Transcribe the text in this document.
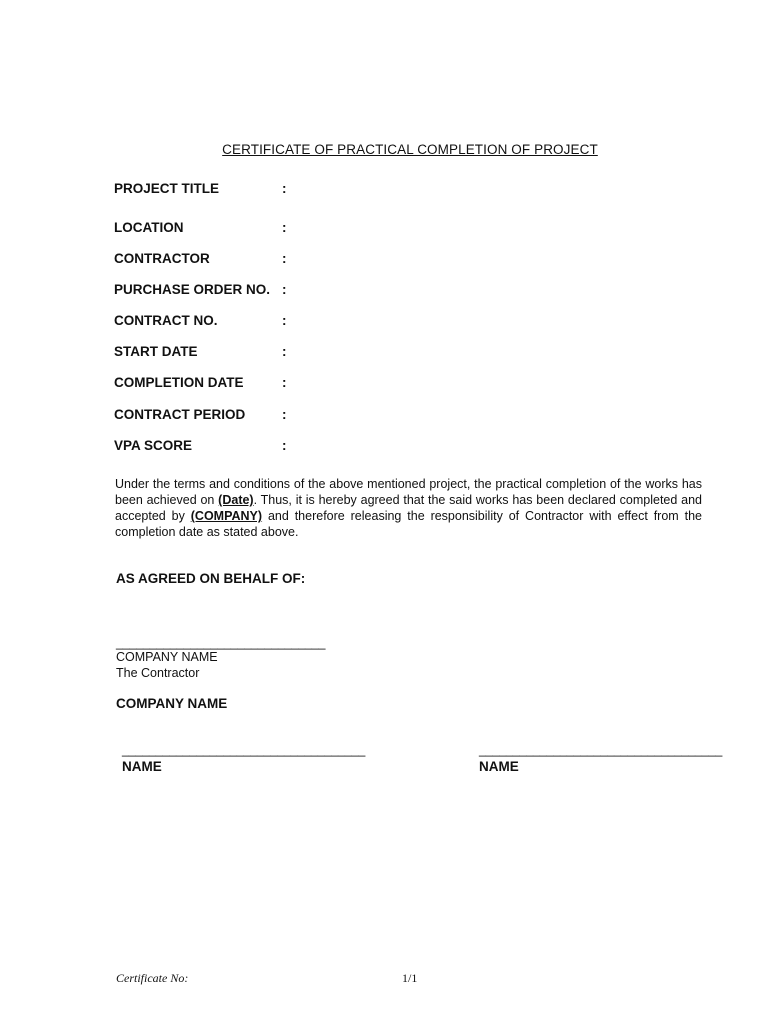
CERTIFICATE OF PRACTICAL COMPLETION OF PROJECT
PROJECT TITLE	:
LOCATION	:
CONTRACTOR	:
PURCHASE ORDER NO. :
CONTRACT NO.	:
START DATE	:
COMPLETION DATE	:
CONTRACT PERIOD	:
VPA SCORE	:
Under the terms and conditions of the above mentioned project, the practical completion of the works has been achieved on (Date). Thus, it is hereby agreed that the said works has been declared completed and accepted by (COMPANY) and therefore releasing the responsibility of Contractor with effect from the completion date as stated above.
AS AGREED ON BEHALF OF:
_______________________________
COMPANY NAME
The Contractor
COMPANY NAME
____________________________________
NAME
____________________________________
NAME
Certificate No:	1/1
